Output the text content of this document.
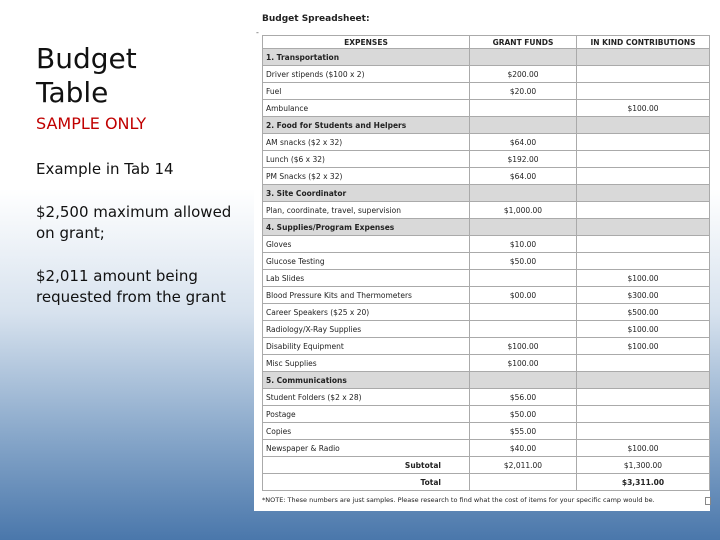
Budget
Table
SAMPLE ONLY
Example in Tab 14
$2,500 maximum allowed on grant;
$2,011 amount being requested from the grant
Budget Spreadsheet:
-
EXPENSES	GRANT FUNDS	IN KIND CONTRIBUTIONS
1. Transportation		
Driver stipends ($100 x 2)	$200.00	
Fuel	$20.00	
Ambulance		$100.00
2. Food for Students and Helpers		
AM snacks ($2 x 32)	$64.00	
Lunch ($6 x 32)	$192.00	
PM Snacks ($2 x 32)	$64.00	
3. Site Coordinator		
Plan, coordinate, travel, supervision	$1,000.00	
4. Supplies/Program Expenses		
Gloves	$10.00	
Glucose Testing	$50.00	
Lab Slides		$100.00
Blood Pressure Kits and Thermometers	$00.00	$300.00
Career Speakers ($25 x 20)		$500.00
Radiology/X-Ray Supplies		$100.00
Disability Equipment	$100.00	$100.00
Misc Supplies	$100.00	
5. Communications		
Student Folders ($2 x 28)	$56.00	
Postage	$50.00	
Copies	$55.00	
Newspaper & Radio	$40.00	$100.00
Subtotal	$2,011.00	$1,300.00
Total		$3,311.00
*NOTE: These numbers are just samples. Please research to find what the cost of items for your specific camp would be.
